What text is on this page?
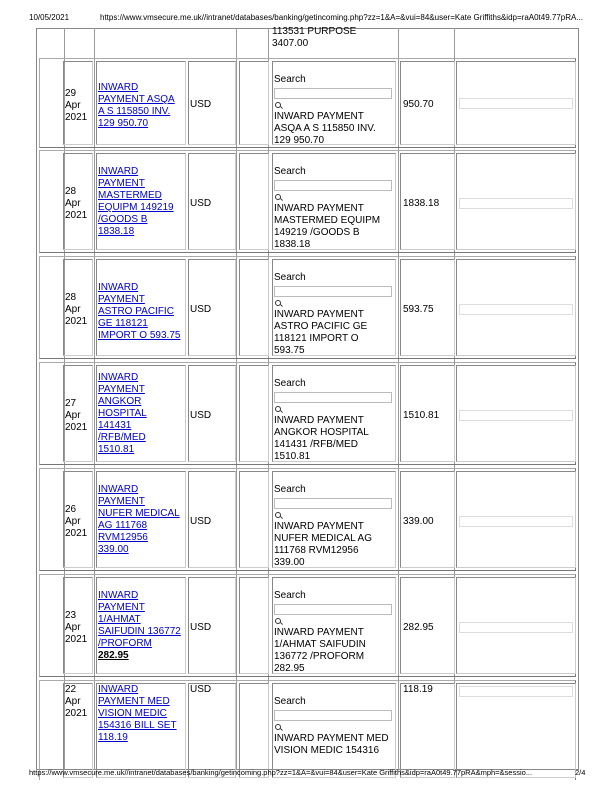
10/05/2021	https://www.vmsecure.me.uk//intranet/databases/banking/getincoming.php?zz=1&A=&vui=84&user=Kate Griffiths&idp=raA0t49.77pRA...
113531 PURPOSE
3407.00
29
Apr
2021
INWARD
PAYMENT ASQA
A S 115850 INV.
129 950.70
USD
Search
INWARD PAYMENT
ASQA A S 115850 INV.
129 950.70
950.70
28
Apr
2021
INWARD
PAYMENT
MASTERMED
EQUIPM 149219
/GOODS B
1838.18
USD
Search
INWARD PAYMENT
MASTERMED EQUIPM
149219 /GOODS B
1838.18
1838.18
28
Apr
2021
INWARD
PAYMENT
ASTRO PACIFIC
GE 118121
IMPORT O 593.75
USD
Search
INWARD PAYMENT
ASTRO PACIFIC GE
118121 IMPORT O
593.75
593.75
27
Apr
2021
INWARD
PAYMENT
ANGKOR
HOSPITAL
141431
/RFB/MED
1510.81
USD
Search
INWARD PAYMENT
ANGKOR HOSPITAL
141431 /RFB/MED
1510.81
1510.81
26
Apr
2021
INWARD
PAYMENT
NUFER MEDICAL
AG 111768
RVM12956
339.00
USD
Search
INWARD PAYMENT
NUFER MEDICAL AG
111768 RVM12956
339.00
339.00
23
Apr
2021
INWARD
PAYMENT
1/AHMAT
SAIFUDIN 136772
/PROFORM
282.95
USD
Search
INWARD PAYMENT
1/AHMAT SAIFUDIN
136772 /PROFORM
282.95
282.95
22
Apr
2021
INWARD
PAYMENT MED
VISION MEDIC
154316 BILL SET
118.19
USD
Search
INWARD PAYMENT MED
VISION MEDIC 154316
118.19
https://www.vmsecure.me.uk//intranet/databases/banking/getincoming.php?zz=1&A=&vui=84&user=Kate Griffiths&idp=raA0t49.77pRA&mph=&sessio...	2/4
